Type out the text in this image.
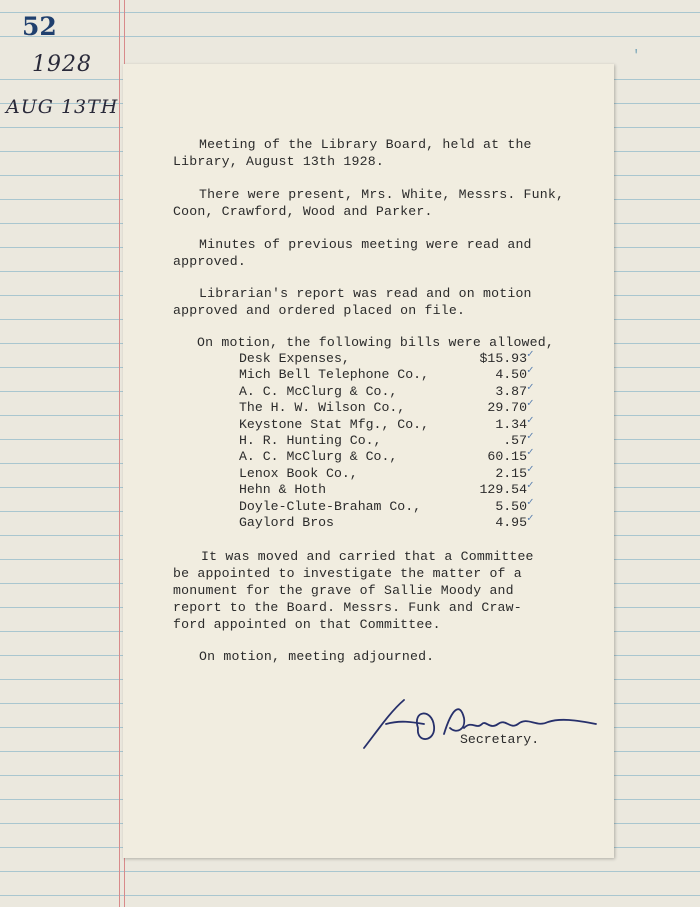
52
1928
AUG 13TH
'
Meeting of the Library Board, held at the
Library, August 13th 1928.
There were present, Mrs. White, Messrs. Funk,
Coon, Crawford, Wood and Parker.
Minutes of previous meeting were read and
approved.
Librarian's report was read and on motion
approved and ordered placed on file.
On motion, the following bills were allowed,
Desk Expenses,	$15.93 ✓
Mich Bell Telephone Co.,	4.50 ✓
A. C. McClurg & Co.,	3.87 ✓
The H. W. Wilson Co.,	29.70 ✓
Keystone Stat Mfg., Co.,	1.34 ✓
H. R. Hunting Co.,	.57 ✓
A. C. McClurg & Co.,	60.15 ✓
Lenox Book Co.,	2.15 ✓
Hehn & Hoth	129.54 ✓
Doyle-Clute-Braham Co.,	5.50 ✓
Gaylord Bros	4.95 ✓
It was moved and carried that a Committee
be appointed to investigate the matter of a
monument for the grave of Sallie Moody and
report to the Board. Messrs. Funk and Craw-
ford appointed on that Committee.
On motion, meeting adjourned.
Secretary.
